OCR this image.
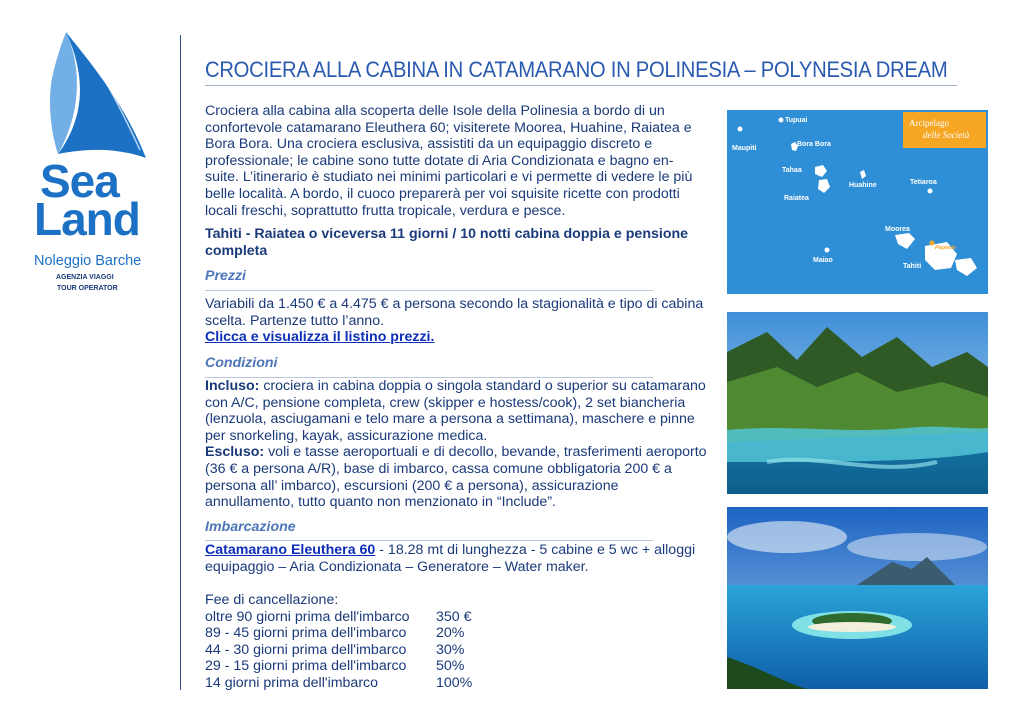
Sea
Land
Noleggio Barche
AGENZIA VIAGGI
TOUR OPERATOR
CROCIERA ALLA CABINA IN CATAMARANO IN POLINESIA – POLYNESIA DREAM
Crociera alla cabina alla scoperta delle Isole della Polinesia a bordo di un confortevole catamarano Eleuthera 60; visiterete Moorea, Huahine, Raiatea e Bora Bora. Una crociera esclusiva, assistiti da un equipaggio discreto e professionale; le cabine sono tutte dotate di Aria Condizionata e bagno en-suite. L’itinerario è studiato nei minimi particolari e vi permette di vedere le più belle località. A bordo, il cuoco preparerà per voi squisite ricette con prodotti locali freschi, soprattutto frutta tropicale, verdura e pesce.
Tahiti - Raiatea o viceversa 11 giorni / 10 notti cabina doppia e pensione completa
Prezzi
Variabili da 1.450 € a 4.475 € a persona secondo la stagionalità e tipo di cabina scelta. Partenze tutto l’anno.
Clicca e visualizza il listino prezzi.
Condizioni
Incluso: crociera in cabina doppia o singola standard o superior su catamarano con A/C, pensione completa, crew (skipper e hostess/cook), 2 set biancheria (lenzuola, asciugamani e telo mare a persona a settimana), maschere e pinne per snorkeling, kayak, assicurazione medica.
Escluso: voli e tasse aeroportuali e di decollo, bevande, trasferimenti aeroporto (36 € a persona A/R), base di imbarco, cassa comune obbligatoria 200 € a persona all’ imbarco), escursioni (200 € a persona), assicurazione annullamento, tutto quanto non menzionato in “Include”.
Imbarcazione
Catamarano Eleuthera 60 - 18.28 mt di lunghezza - 5 cabine e 5 wc + alloggi equipaggio – Aria Condizionata – Generatore – Water maker.
Fee di cancellazione:
oltre 90 giorni prima dell'imbarco	350 €
89 - 45 giorni prima dell'imbarco	20%
44 - 30 giorni prima dell'imbarco	30%
29 - 15 giorni prima dell'imbarco	50%
14 giorni prima dell'imbarco	100%
Arcipelago
delle Società
Tupuai
Maupiti
Bora Bora
Tahaa
Raiatea
Huahine	Tetiaroa
Moorea
Maiao
Tahiti
Papeete
